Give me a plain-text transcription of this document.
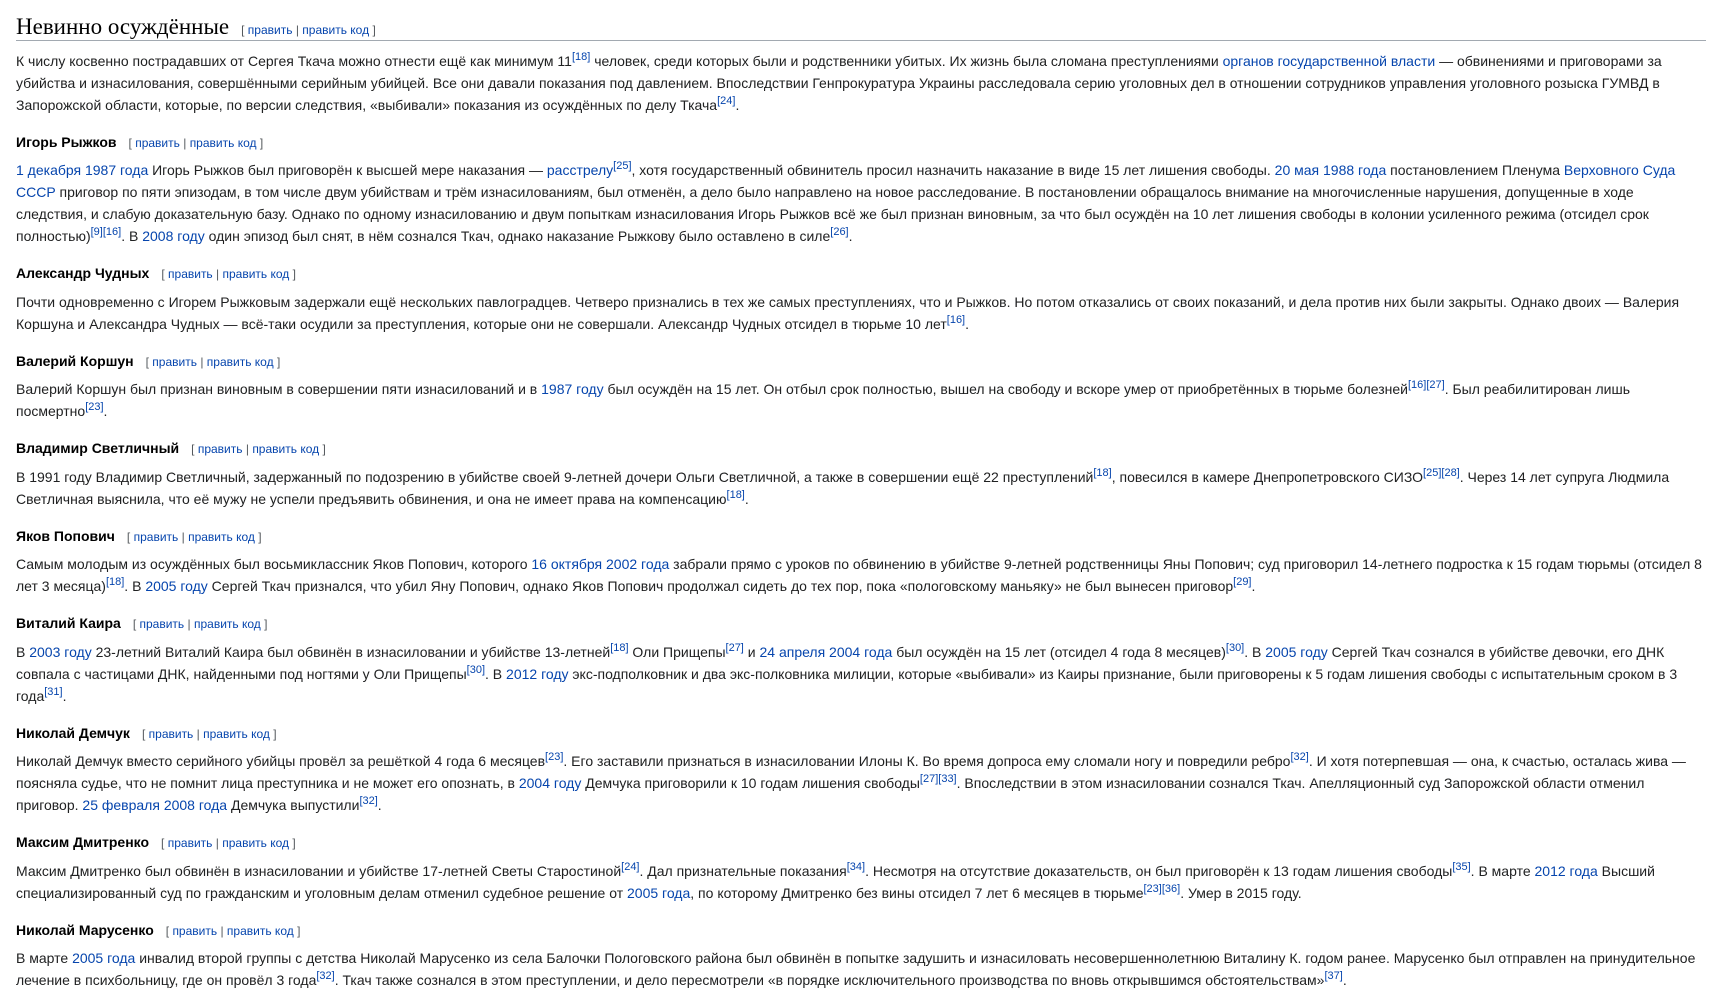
Невинно осуждённые [ править | править код ]

К числу косвенно пострадавших от Сергея Ткача можно отнести ещё как минимум 11[18] человек, среди которых были и родственники убитых. Их жизнь была сломана преступлениями органов государственной власти — обвинениями и приговорами за убийства и изнасилования, совершёнными серийным убийцей. Все они давали показания под давлением. Впоследствии Генпрокуратура Украины расследовала серию уголовных дел в отношении сотрудников управления уголовного розыска ГУМВД в Запорожской области, которые, по версии следствия, «выбивали» показания из осуждённых по делу Ткача[24].

Игорь Рыжков [ править | править код ]

1 декабря 1987 года Игорь Рыжков был приговорён к высшей мере наказания — расстрелу[25], хотя государственный обвинитель просил назначить наказание в виде 15 лет лишения свободы. 20 мая 1988 года постановлением Пленума Верховного Суда СССР приговор по пяти эпизодам, в том числе двум убийствам и трём изнасилованиям, был отменён, а дело было направлено на новое расследование. В постановлении обращалось внимание на многочисленные нарушения, допущенные в ходе следствия, и слабую доказательную базу. Однако по одному изнасилованию и двум попыткам изнасилования Игорь Рыжков всё же был признан виновным, за что был осуждён на 10 лет лишения свободы в колонии усиленного режима (отсидел срок полностью)[9][16]. В 2008 году один эпизод был снят, в нём сознался Ткач, однако наказание Рыжкову было оставлено в силе[26].

Александр Чудных [ править | править код ]

Почти одновременно с Игорем Рыжковым задержали ещё нескольких павлоградцев. Четверо признались в тех же самых преступлениях, что и Рыжков. Но потом отказались от своих показаний, и дела против них были закрыты. Однако двоих — Валерия Коршуна и Александра Чудных — всё-таки осудили за преступления, которые они не совершали. Александр Чудных отсидел в тюрьме 10 лет[16].

Валерий Коршун [ править | править код ]

Валерий Коршун был признан виновным в совершении пяти изнасилований и в 1987 году был осуждён на 15 лет. Он отбыл срок полностью, вышел на свободу и вскоре умер от приобретённых в тюрьме болезней[16][27]. Был реабилитирован лишь посмертно[23].

Владимир Светличный [ править | править код ]

В 1991 году Владимир Светличный, задержанный по подозрению в убийстве своей 9-летней дочери Ольги Светличной, а также в совершении ещё 22 преступлений[18], повесился в камере Днепропетровского СИЗО[25][28]. Через 14 лет супруга Людмила Светличная выяснила, что её мужу не успели предъявить обвинения, и она не имеет права на компенсацию[18].

Яков Попович [ править | править код ]

Самым молодым из осуждённых был восьмиклассник Яков Попович, которого 16 октября 2002 года забрали прямо с уроков по обвинению в убийстве 9-летней родственницы Яны Попович; суд приговорил 14-летнего подростка к 15 годам тюрьмы (отсидел 8 лет 3 месяца)[18]. В 2005 году Сергей Ткач признался, что убил Яну Попович, однако Яков Попович продолжал сидеть до тех пор, пока «пологовскому маньяку» не был вынесен приговор[29].

Виталий Каира [ править | править код ]

В 2003 году 23-летний Виталий Каира был обвинён в изнасиловании и убийстве 13-летней[18] Оли Прищепы[27] и 24 апреля 2004 года был осуждён на 15 лет (отсидел 4 года 8 месяцев)[30]. В 2005 году Сергей Ткач сознался в убийстве девочки, его ДНК совпала с частицами ДНК, найденными под ногтями у Оли Прищепы[30]. В 2012 году экс-подполковник и два экс-полковника милиции, которые «выбивали» из Каиры признание, были приговорены к 5 годам лишения свободы с испытательным сроком в 3 года[31].

Николай Демчук [ править | править код ]

Николай Демчук вместо серийного убийцы провёл за решёткой 4 года 6 месяцев[23]. Его заставили признаться в изнасиловании Илоны К. Во время допроса ему сломали ногу и повредили ребро[32]. И хотя потерпевшая — она, к счастью, осталась жива — поясняла судье, что не помнит лица преступника и не может его опознать, в 2004 году Демчука приговорили к 10 годам лишения свободы[27][33]. Впоследствии в этом изнасиловании сознался Ткач. Апелляционный суд Запорожской области отменил приговор. 25 февраля 2008 года Демчука выпустили[32].

Максим Дмитренко [ править | править код ]

Максим Дмитренко был обвинён в изнасиловании и убийстве 17-летней Светы Старостиной[24]. Дал признательные показания[34]. Несмотря на отсутствие доказательств, он был приговорён к 13 годам лишения свободы[35]. В марте 2012 года Высший специализированный суд по гражданским и уголовным делам отменил судебное решение от 2005 года, по которому Дмитренко без вины отсидел 7 лет 6 месяцев в тюрьме[23][36]. Умер в 2015 году.

Николай Марусенко [ править | править код ]

В марте 2005 года инвалид второй группы с детства Николай Марусенко из села Балочки Пологовского района был обвинён в попытке задушить и изнасиловать несовершеннолетнюю Виталину К. годом ранее. Марусенко был отправлен на принудительное лечение в психбольницу, где он провёл 3 года[32]. Ткач также сознался в этом преступлении, и дело пересмотрели «в порядке исключительного производства по вновь открывшимся обстоятельствам»[37].
